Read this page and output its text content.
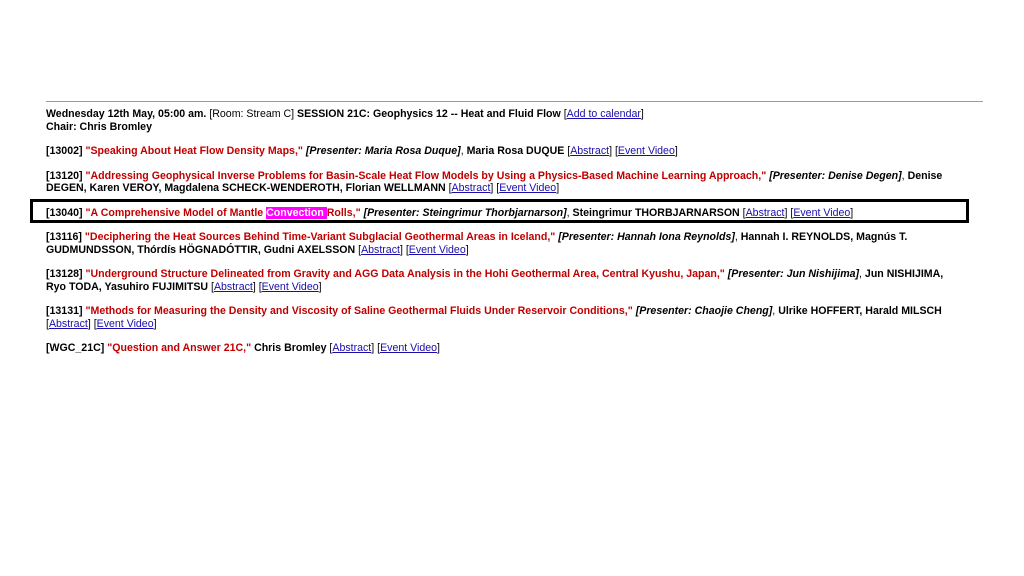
Wednesday 12th May, 05:00 am. [Room: Stream C] SESSION 21C: Geophysics 12 -- Heat and Fluid Flow [Add to calendar]
Chair: Chris Bromley
[13002] "Speaking About Heat Flow Density Maps," [Presenter: Maria Rosa Duque], Maria Rosa DUQUE [Abstract] [Event Video]
[13120] "Addressing Geophysical Inverse Problems for Basin-Scale Heat Flow Models by Using a Physics-Based Machine Learning Approach," [Presenter: Denise Degen], Denise DEGEN, Karen VEROY, Magdalena SCHECK-WENDEROTH, Florian WELLMANN [Abstract] [Event Video]
[13040] "A Comprehensive Model of Mantle Convection Rolls," [Presenter: Steingrimur Thorbjarnarson], Steingrimur THORBJARNARSON [Abstract] [Event Video]
[13116] "Deciphering the Heat Sources Behind Time-Variant Subglacial Geothermal Areas in Iceland," [Presenter: Hannah Iona Reynolds], Hannah I. REYNOLDS, Magnús T. GUDMUNDSSON, Thórdís HÖGNADÓTTIR, Gudni AXELSSON [Abstract] [Event Video]
[13128] "Underground Structure Delineated from Gravity and AGG Data Analysis in the Hohi Geothermal Area, Central Kyushu, Japan," [Presenter: Jun Nishijima], Jun NISHIJIMA, Ryo TODA, Yasuhiro FUJIMITSU [Abstract] [Event Video]
[13131] "Methods for Measuring the Density and Viscosity of Saline Geothermal Fluids Under Reservoir Conditions," [Presenter: Chaojie Cheng], Ulrike HOFFERT, Harald MILSCH [Abstract] [Event Video]
[WGC_21C] "Question and Answer 21C," Chris Bromley [Abstract] [Event Video]
